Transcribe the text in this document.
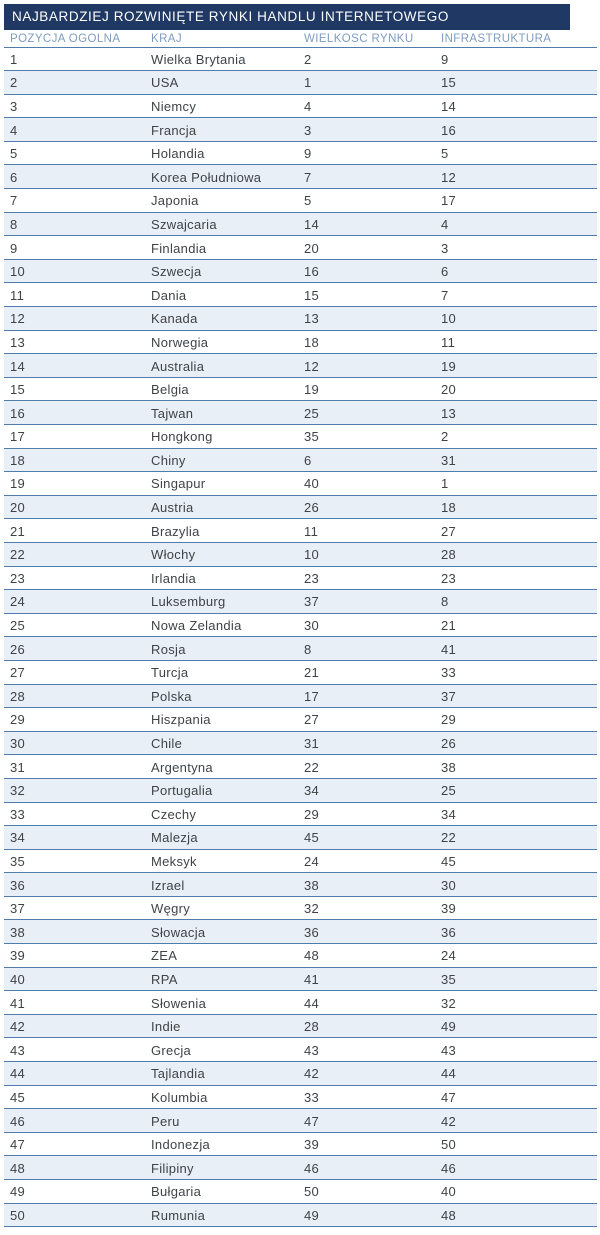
NAJBARDZIEJ ROZWINIĘTE RYNKI HANDLU INTERNETOWEGO
POZYCJA OGÓLNA	KRAJ	WIELKOŚĆ RYNKU	INFRASTRUKTURA
1	Wielka Brytania	2	9
2	USA	1	15
3	Niemcy	4	14
4	Francja	3	16
5	Holandia	9	5
6	Korea Południowa	7	12
7	Japonia	5	17
8	Szwajcaria	14	4
9	Finlandia	20	3
10	Szwecja	16	6
11	Dania	15	7
12	Kanada	13	10
13	Norwegia	18	11
14	Australia	12	19
15	Belgia	19	20
16	Tajwan	25	13
17	Hongkong	35	2
18	Chiny	6	31
19	Singapur	40	1
20	Austria	26	18
21	Brazylia	11	27
22	Włochy	10	28
23	Irlandia	23	23
24	Luksemburg	37	8
25	Nowa Zelandia	30	21
26	Rosja	8	41
27	Turcja	21	33
28	Polska	17	37
29	Hiszpania	27	29
30	Chile	31	26
31	Argentyna	22	38
32	Portugalia	34	25
33	Czechy	29	34
34	Malezja	45	22
35	Meksyk	24	45
36	Izrael	38	30
37	Węgry	32	39
38	Słowacja	36	36
39	ZEA	48	24
40	RPA	41	35
41	Słowenia	44	32
42	Indie	28	49
43	Grecja	43	43
44	Tajlandia	42	44
45	Kolumbia	33	47
46	Peru	47	42
47	Indonezja	39	50
48	Filipiny	46	46
49	Bułgaria	50	40
50	Rumunia	49	48
